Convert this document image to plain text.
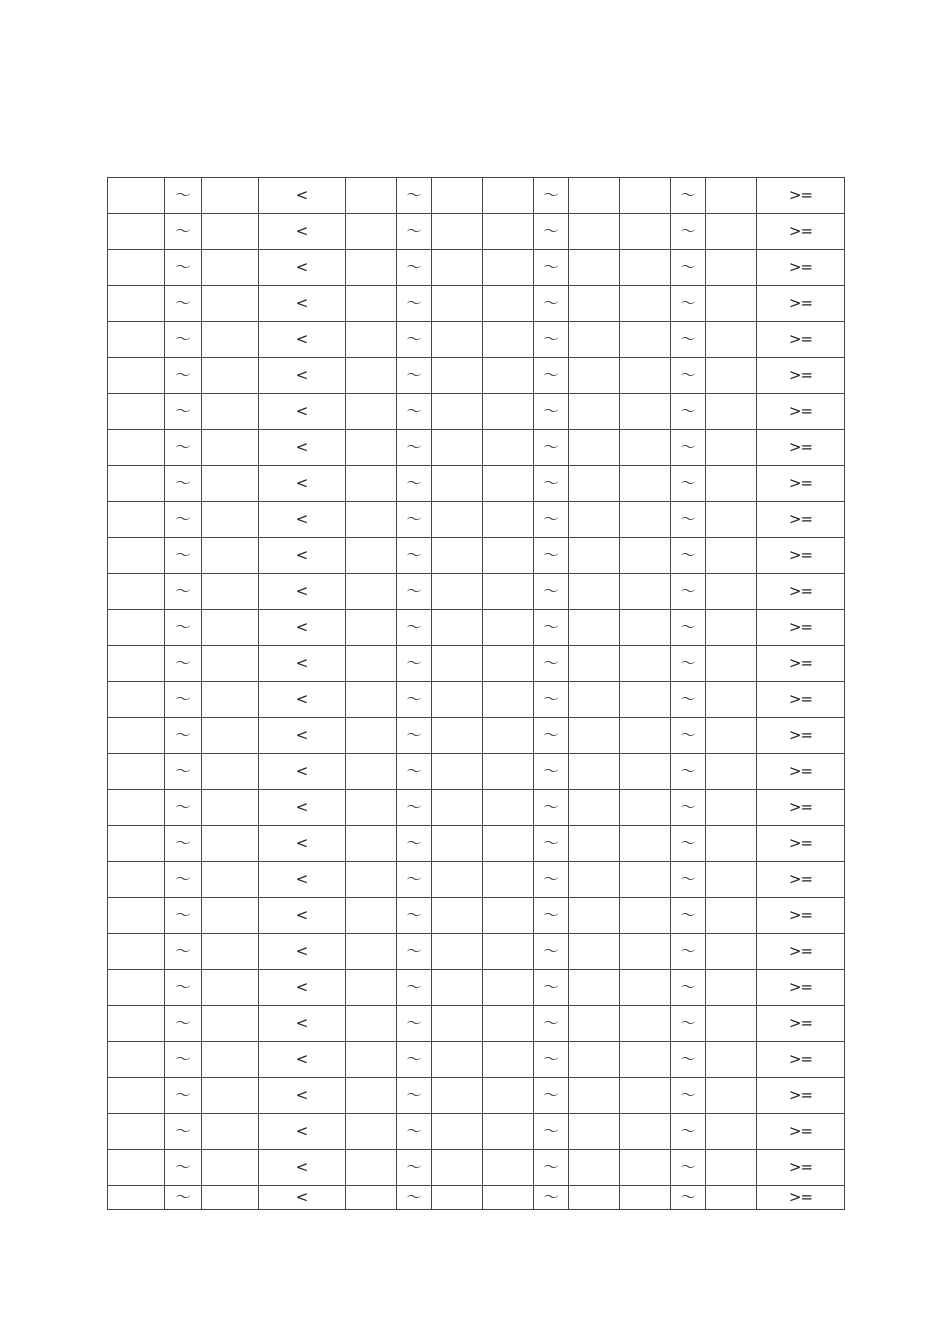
	～		<		～			～			～		>=
	～		<		～			～			～		>=
	～		<		～			～			～		>=
	～		<		～			～			～		>=
	～		<		～			～			～		>=
	～		<		～			～			～		>=
	～		<		～			～			～		>=
	～		<		～			～			～		>=
	～		<		～			～			～		>=
	～		<		～			～			～		>=
	～		<		～			～			～		>=
	～		<		～			～			～		>=
	～		<		～			～			～		>=
	～		<		～			～			～		>=
	～		<		～			～			～		>=
	～		<		～			～			～		>=
	～		<		～			～			～		>=
	～		<		～			～			～		>=
	～		<		～			～			～		>=
	～		<		～			～			～		>=
	～		<		～			～			～		>=
	～		<		～			～			～		>=
	～		<		～			～			～		>=
	～		<		～			～			～		>=
	～		<		～			～			～		>=
	～		<		～			～			～		>=
	～		<		～			～			～		>=
	～		<		～			～			～		>=
	～		<		～			～			～		>=
